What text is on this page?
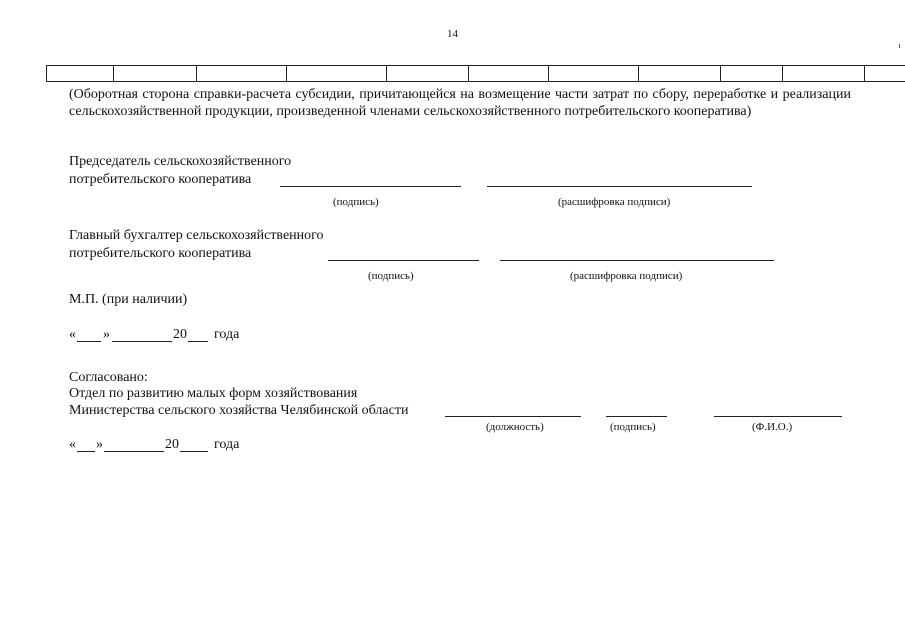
14

(Оборотная сторона справки-расчета субсидии, причитающейся на возмещение части затрат по сбору, переработке и реализации сельскохозяйственной продукции, произведенной членами сельскохозяйственного потребительского кооператива)
Председатель сельскохозяйственного
потребительского кооператива
(подпись)	(расшифровка подписи)
Главный бухгалтер сельскохозяйственного
потребительского кооператива
(подпись)	(расшифровка подписи)
М.П. (при наличии)
« »	20 года
Согласовано:
Отдел по развитию малых форм хозяйствования
Министерства сельского хозяйства Челябинской области
(должность)	(подпись)	(Ф.И.О.)
« »	20	года
